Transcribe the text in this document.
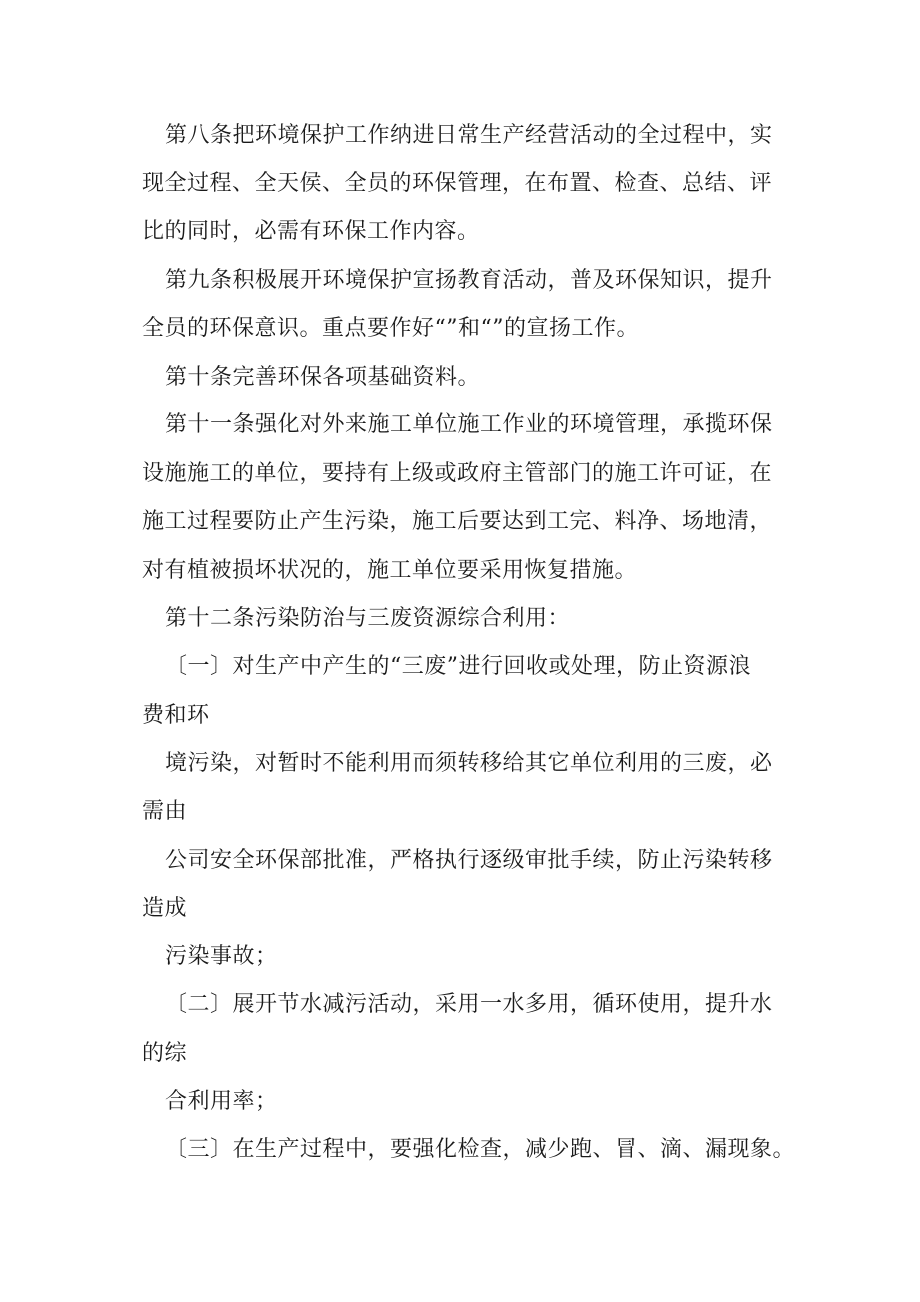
第八条把环境保护工作纳进日常生产经营活动的全过程中，实
现全过程、全天侯、全员的环保管理，在布置、检查、总结、评
比的同时，必需有环保工作内容。
第九条积极展开环境保护宣扬教育活动，普及环保知识，提升
全员的环保意识。重点要作好“”和“”的宣扬工作。
第十条完善环保各项基础资料。
第十一条强化对外来施工单位施工作业的环境管理，承揽环保
设施施工的单位，要持有上级或政府主管部门的施工许可证，在
施工过程要防止产生污染，施工后要达到工完、料净、场地清，
对有植被损坏状况的，施工单位要采用恢复措施。
第十二条污染防治与三废资源综合利用：
〔一〕对生产中产生的“三废”进行回收或处理，防止资源浪
费和环
境污染，对暂时不能利用而须转移给其它单位利用的三废，必
需由
公司安全环保部批准，严格执行逐级审批手续，防止污染转移
造成
污染事故；
〔二〕展开节水减污活动，采用一水多用，循环使用，提升水
的综
合利用率；
〔三〕在生产过程中，要强化检查，减少跑、冒、滴、漏现象。
